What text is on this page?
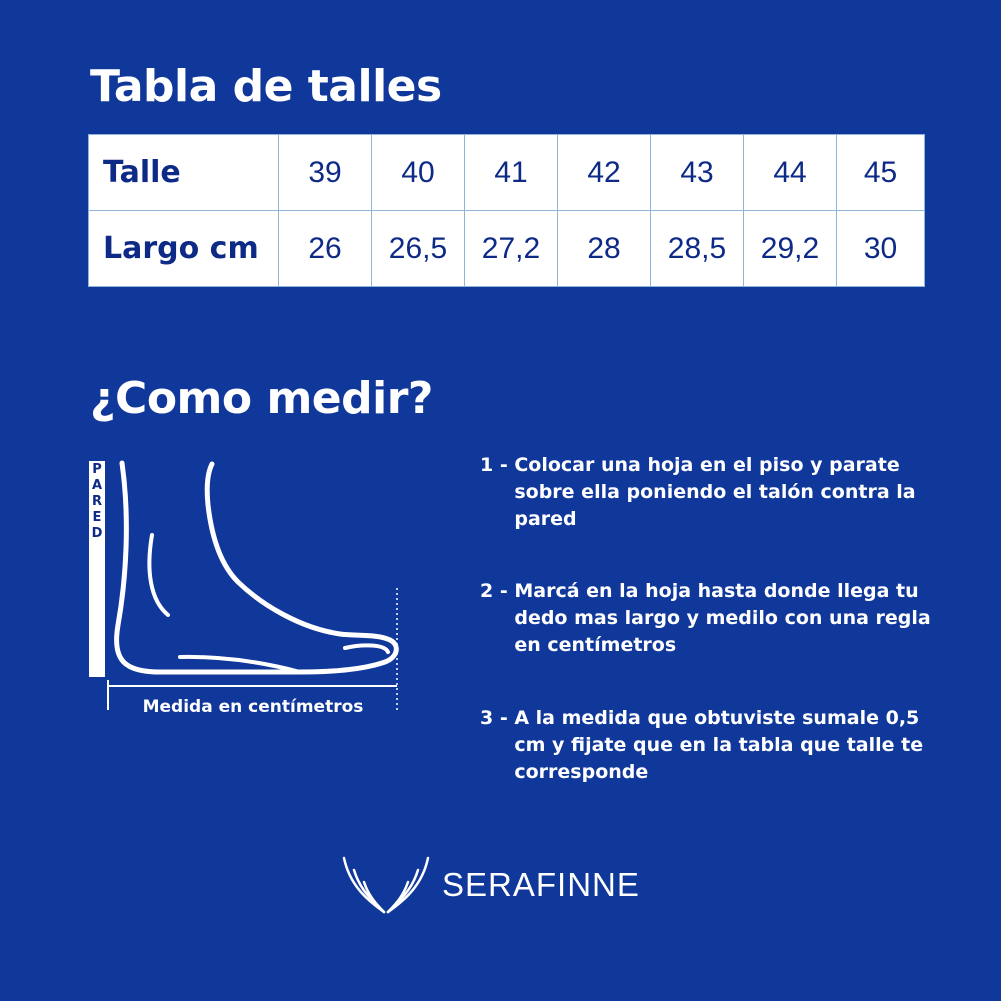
Tabla de talles
Talle	39	40	41	42	43	44	45
Largo cm	26	26,5	27,2	28	28,5	29,2	30
¿Como medir?
P
A
R
E
D
Medida en centímetros
1 - Colocar una hoja en el piso y parate sobre ella poniendo el talón contra la pared
2 - Marcá en la hoja hasta donde llega tu dedo mas largo y medilo con una regla en centímetros
3 - A la medida que obtuviste sumale 0,5 cm y fijate que en la tabla que talle te corresponde
SERAFINNE
